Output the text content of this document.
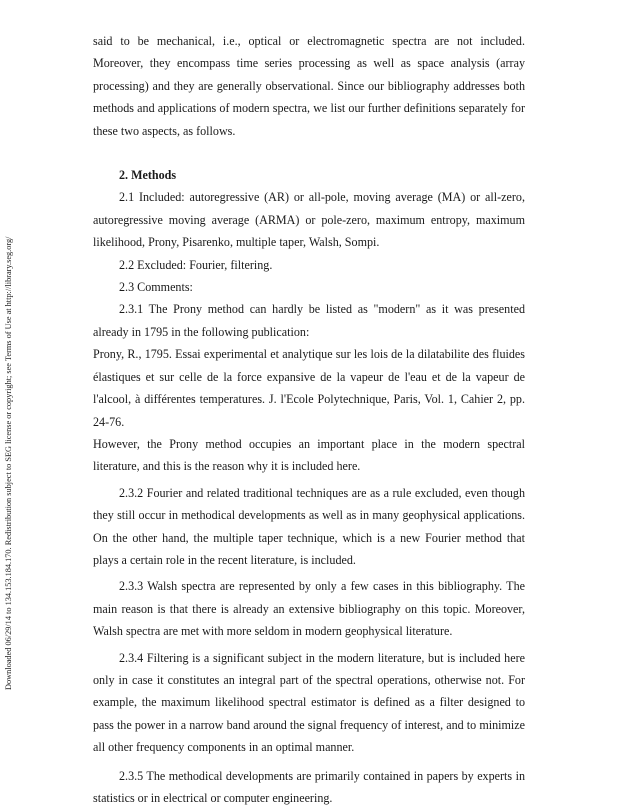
Downloaded 06/29/14 to 134.153.184.170. Redistribution subject to SEG license or copyright; see Terms of Use at http://library.seg.org/

said to be mechanical, i.e., optical or electromagnetic spectra are not included. Moreover, they encompass time series processing as well as space analysis (array processing) and they are generally observational. Since our bibliography addresses both methods and applications of modern spectra, we list our further definitions separately for these two aspects, as follows.

2. Methods

2.1 Included: autoregressive (AR) or all-pole, moving average (MA) or all-zero, autoregressive moving average (ARMA) or pole-zero, maximum entropy, maximum likelihood, Prony, Pisarenko, multiple taper, Walsh, Sompi.

2.2 Excluded: Fourier, filtering.

2.3 Comments:

2.3.1 The Prony method can hardly be listed as "modern" as it was presented already in 1795 in the following publication:

Prony, R., 1795. Essai experimental et analytique sur les lois de la dilatabilite des fluides élastiques et sur celle de la force expansive de la vapeur de l'eau et de la vapeur de l'alcool, à différentes temperatures. J. l'Ecole Polytechnique, Paris, Vol. 1, Cahier 2, pp. 24-76.

However, the Prony method occupies an important place in the modern spectral literature, and this is the reason why it is included here.

2.3.2 Fourier and related traditional techniques are as a rule excluded, even though they still occur in methodical developments as well as in many geophysical applications. On the other hand, the multiple taper technique, which is a new Fourier method that plays a certain role in the recent literature, is included.

2.3.3 Walsh spectra are represented by only a few cases in this bibliography. The main reason is that there is already an extensive bibliography on this topic. Moreover, Walsh spectra are met with more seldom in modern geophysical literature.

2.3.4 Filtering is a significant subject in the modern literature, but is included here only in case it constitutes an integral part of the spectral operations, otherwise not. For example, the maximum likelihood spectral estimator is defined as a filter designed to pass the power in a narrow band around the signal frequency of interest, and to minimize all other frequency components in an optimal manner.

2.3.5 The methodical developments are primarily contained in papers by experts in statistics or in electrical or computer engineering.
